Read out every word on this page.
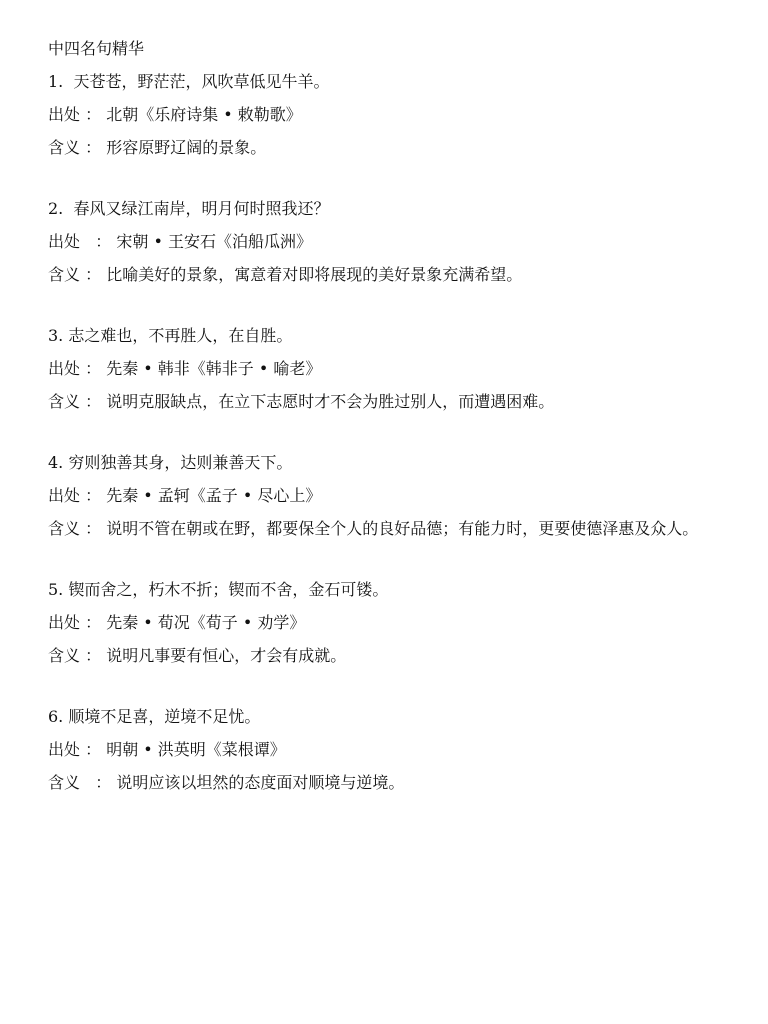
中四名句精华
1.  天苍苍，野茫茫，风吹草低见牛羊。
出处 ： 北朝《乐府诗集 • 敕勒歌》
含义 ： 形容原野辽阔的景象。
2.  春风又绿江南岸，明月何时照我还？
出处   ： 宋朝 • 王安石《泊船瓜洲》
含义 ： 比喻美好的景象，寓意着对即将展现的美好景象充满希望。
3. 志之难也，不再胜人，在自胜。
出处 ： 先秦 • 韩非《韩非子 • 喻老》
含义 ： 说明克服缺点，在立下志愿时才不会为胜过别人，而遭遇困难。
4. 穷则独善其身，达则兼善天下。
出处 ： 先秦 • 孟轲《孟子 • 尽心上》
含义 ： 说明不管在朝或在野，都要保全个人的良好品德；有能力时，更要使德泽惠及众人。
5. 锲而舍之，朽木不折；锲而不舍，金石可镂。
出处 ： 先秦 • 荀况《荀子 • 劝学》
含义 ： 说明凡事要有恒心，才会有成就。
6. 顺境不足喜，逆境不足忧。
出处 ： 明朝 • 洪英明《菜根谭》
含义   ： 说明应该以坦然的态度面对顺境与逆境。
